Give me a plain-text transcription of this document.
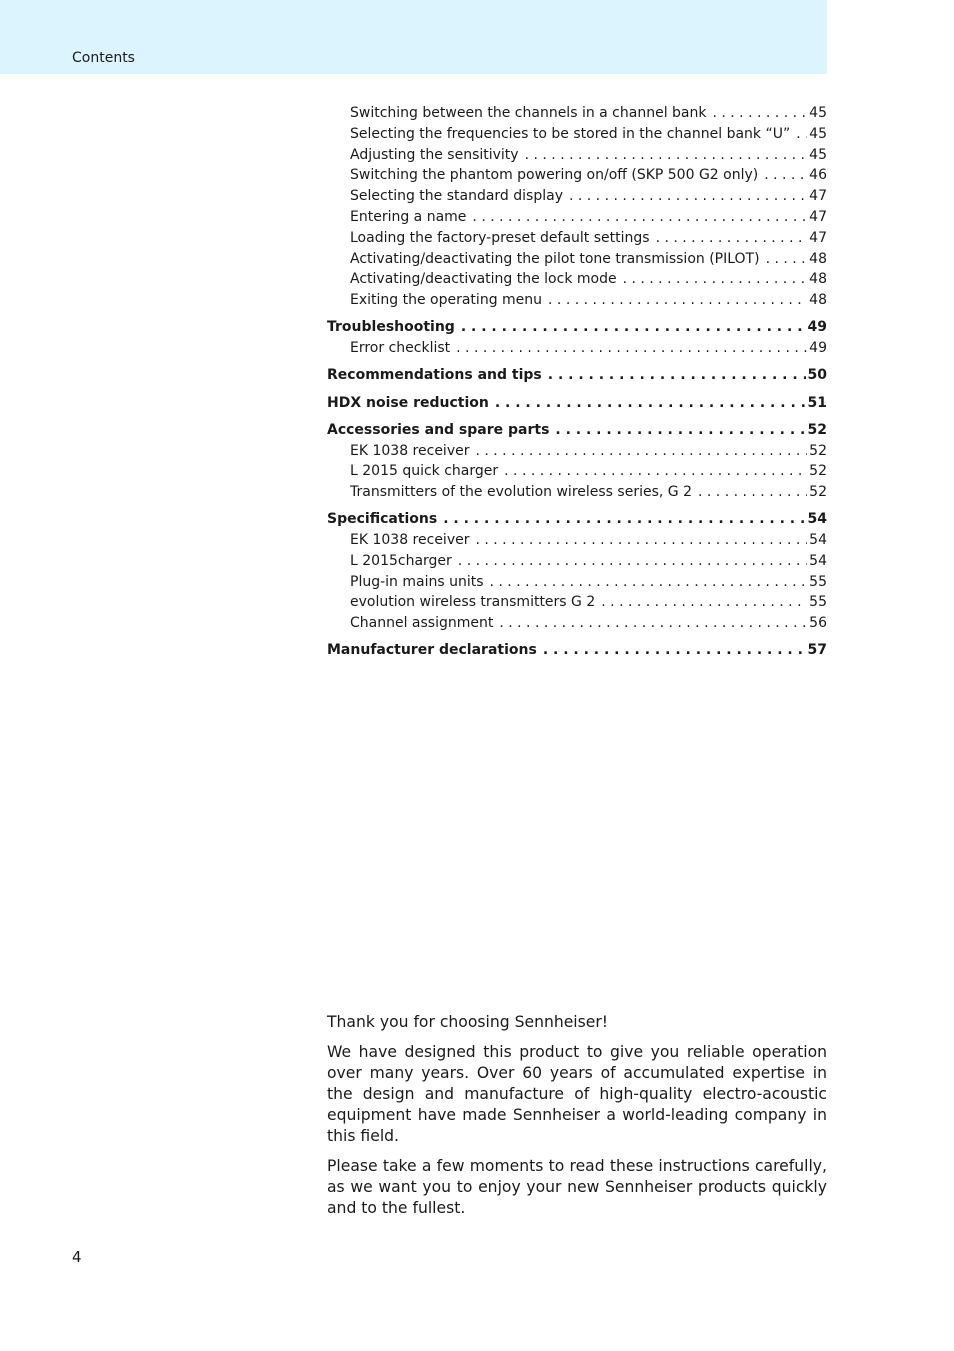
Contents
Switching between the channels in a channel bank . . .	45
Selecting the frequencies to be stored in the channel bank “U” . . . 45
Adjusting the sensitivity . . .	45
Switching the phantom powering on/off (SKP 500 G2 only) . . .	46
Selecting the standard display . . .	47
Entering a name . . .	47
Loading the factory-preset default settings . . .	47
Activating/deactivating the pilot tone transmission (PILOT) . . .	48
Activating/deactivating the lock mode . . .	48
Exiting the operating menu . . .	48
Troubleshooting . . .	49
Error checklist . . .	49
Recommendations and tips . . .	50
HDX noise reduction . . .	51
Accessories and spare parts . . .	52
EK 1038 receiver . . .	52
L 2015 quick charger . . .	52
Transmitters of the evolution wireless series, G 2 . . .	52
Specifications . . .	54
EK 1038 receiver . . .	54
L 2015charger . . .	54
Plug-in mains units . . .	55
evolution wireless transmitters G 2 . . .	55
Channel assignment . . .	56
Manufacturer declarations . . .	57

Thank you for choosing Sennheiser!

We have designed this product to give you reliable operation over many years. Over 60 years of accumulated expertise in the design and manufacture of high-quality electro-acoustic equipment have made Sennheiser a world-leading company in this field.

Please take a few moments to read these instructions carefully, as we want you to enjoy your new Sennheiser products quickly and to the fullest.

4
